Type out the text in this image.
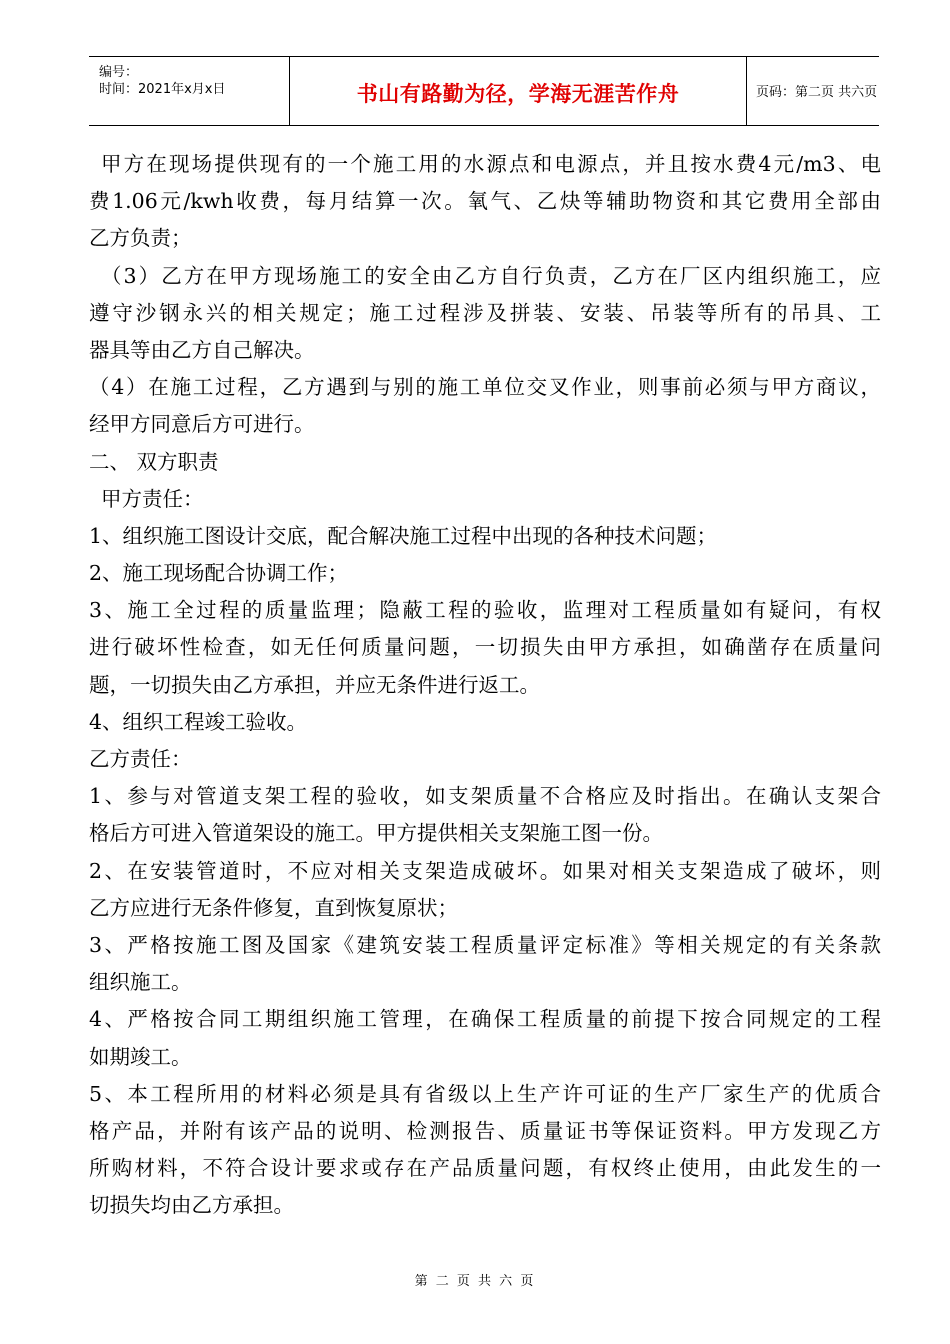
编号：
时间：2021年x月x日	书山有路勤为径，学海无涯苦作舟	页码：第二页 共六页
甲方在现场提供现有的一个施工用的水源点和电源点，并且按水费4元/m3、电
费1.06元/kwh收费，每月结算一次。氧气、乙炔等辅助物资和其它费用全部由
乙方负责；
（3）乙方在甲方现场施工的安全由乙方自行负责，乙方在厂区内组织施工，应
遵守沙钢永兴的相关规定；施工过程涉及拼装、安装、吊装等所有的吊具、工
器具等由乙方自己解决。
（4）在施工过程，乙方遇到与别的施工单位交叉作业，则事前必须与甲方商议，
经甲方同意后方可进行。
二、 双方职责
甲方责任：
1、组织施工图设计交底，配合解决施工过程中出现的各种技术问题；
2、施工现场配合协调工作；
3、施工全过程的质量监理；隐蔽工程的验收，监理对工程质量如有疑问，有权
进行破坏性检查，如无任何质量问题，一切损失由甲方承担，如确凿存在质量问
题，一切损失由乙方承担，并应无条件进行返工。
4、组织工程竣工验收。
乙方责任：
1、参与对管道支架工程的验收，如支架质量不合格应及时指出。在确认支架合
格后方可进入管道架设的施工。甲方提供相关支架施工图一份。
2、在安装管道时，不应对相关支架造成破坏。如果对相关支架造成了破坏，则
乙方应进行无条件修复，直到恢复原状；
3、严格按施工图及国家《建筑安装工程质量评定标准》等相关规定的有关条款
组织施工。
4、严格按合同工期组织施工管理，在确保工程质量的前提下按合同规定的工程
如期竣工。
5、本工程所用的材料必须是具有省级以上生产许可证的生产厂家生产的优质合
格产品，并附有该产品的说明、检测报告、质量证书等保证资料。甲方发现乙方
所购材料，不符合设计要求或存在产品质量问题，有权终止使用，由此发生的一
切损失均由乙方承担。
第 二 页 共 六 页
